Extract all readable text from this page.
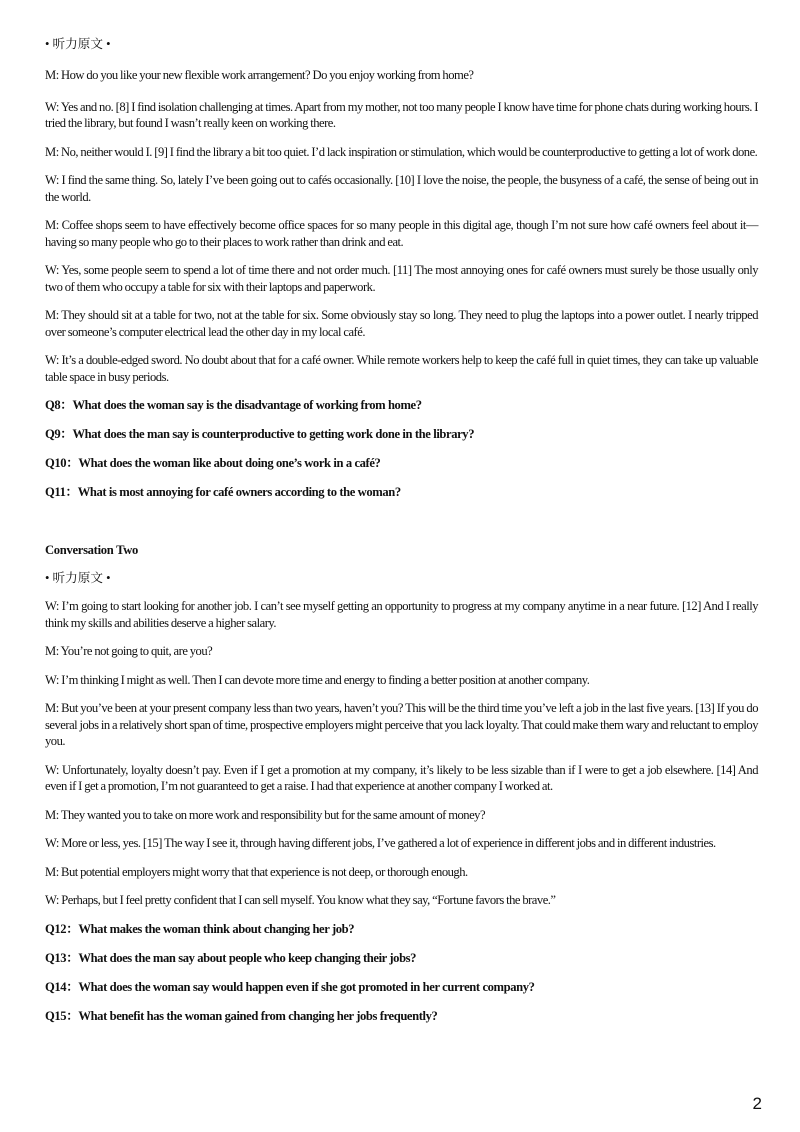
• 听力原文 •

M: How do you like your new flexible work arrangement? Do you enjoy working from home?

W: Yes and no. [8] I find isolation challenging at times. Apart from my mother, not too many people I know have time for phone chats during working hours. I tried the library, but found I wasn’t really keen on working there.

M: No, neither would I. [9] I find the library a bit too quiet. I’d lack inspiration or stimulation, which would be counterproductive to getting a lot of work done.

W: I find the same thing. So, lately I’ve been going out to cafés occasionally. [10] I love the noise, the people, the busyness of a café, the sense of being out in the world.

M: Coffee shops seem to have effectively become office spaces for so many people in this digital age, though I’m not sure how café owners feel about it—having so many people who go to their places to work rather than drink and eat.

W: Yes, some people seem to spend a lot of time there and not order much. [11] The most annoying ones for café owners must surely be those usually only two of them who occupy a table for six with their laptops and paperwork.

M: They should sit at a table for two, not at the table for six. Some obviously stay so long. They need to plug the laptops into a power outlet. I nearly tripped over someone’s computer electrical lead the other day in my local café.

W: It’s a double-edged sword. No doubt about that for a café owner. While remote workers help to keep the café full in quiet times, they can take up valuable table space in busy periods.

Q8：What does the woman say is the disadvantage of working from home?

Q9：What does the man say is counterproductive to getting work done in the library?

Q10：What does the woman like about doing one’s work in a café?

Q11：What is most annoying for café owners according to the woman?

Conversation Two

• 听力原文 •

W: I’m going to start looking for another job. I can’t see myself getting an opportunity to progress at my company anytime in a near future. [12] And I really think my skills and abilities deserve a higher salary.

M: You’re not going to quit, are you?

W: I’m thinking I might as well. Then I can devote more time and energy to finding a better position at another company.

M: But you’ve been at your present company less than two years, haven’t you? This will be the third time you’ve left a job in the last five years. [13] If you do several jobs in a relatively short span of time, prospective employers might perceive that you lack loyalty. That could make them wary and reluctant to employ you.

W: Unfortunately, loyalty doesn’t pay. Even if I get a promotion at my company, it’s likely to be less sizable than if I were to get a job elsewhere. [14] And even if I get a promotion, I’m not guaranteed to get a raise. I had that experience at another company I worked at.

M: They wanted you to take on more work and responsibility but for the same amount of money?

W: More or less, yes. [15] The way I see it, through having different jobs, I’ve gathered a lot of experience in different jobs and in different industries.

M: But potential employers might worry that that experience is not deep, or thorough enough.

W: Perhaps, but I feel pretty confident that I can sell myself. You know what they say, “Fortune favors the brave.”

Q12：What makes the woman think about changing her job?

Q13：What does the man say about people who keep changing their jobs?

Q14：What does the woman say would happen even if she got promoted in her current company?

Q15：What benefit has the woman gained from changing her jobs frequently?

2
